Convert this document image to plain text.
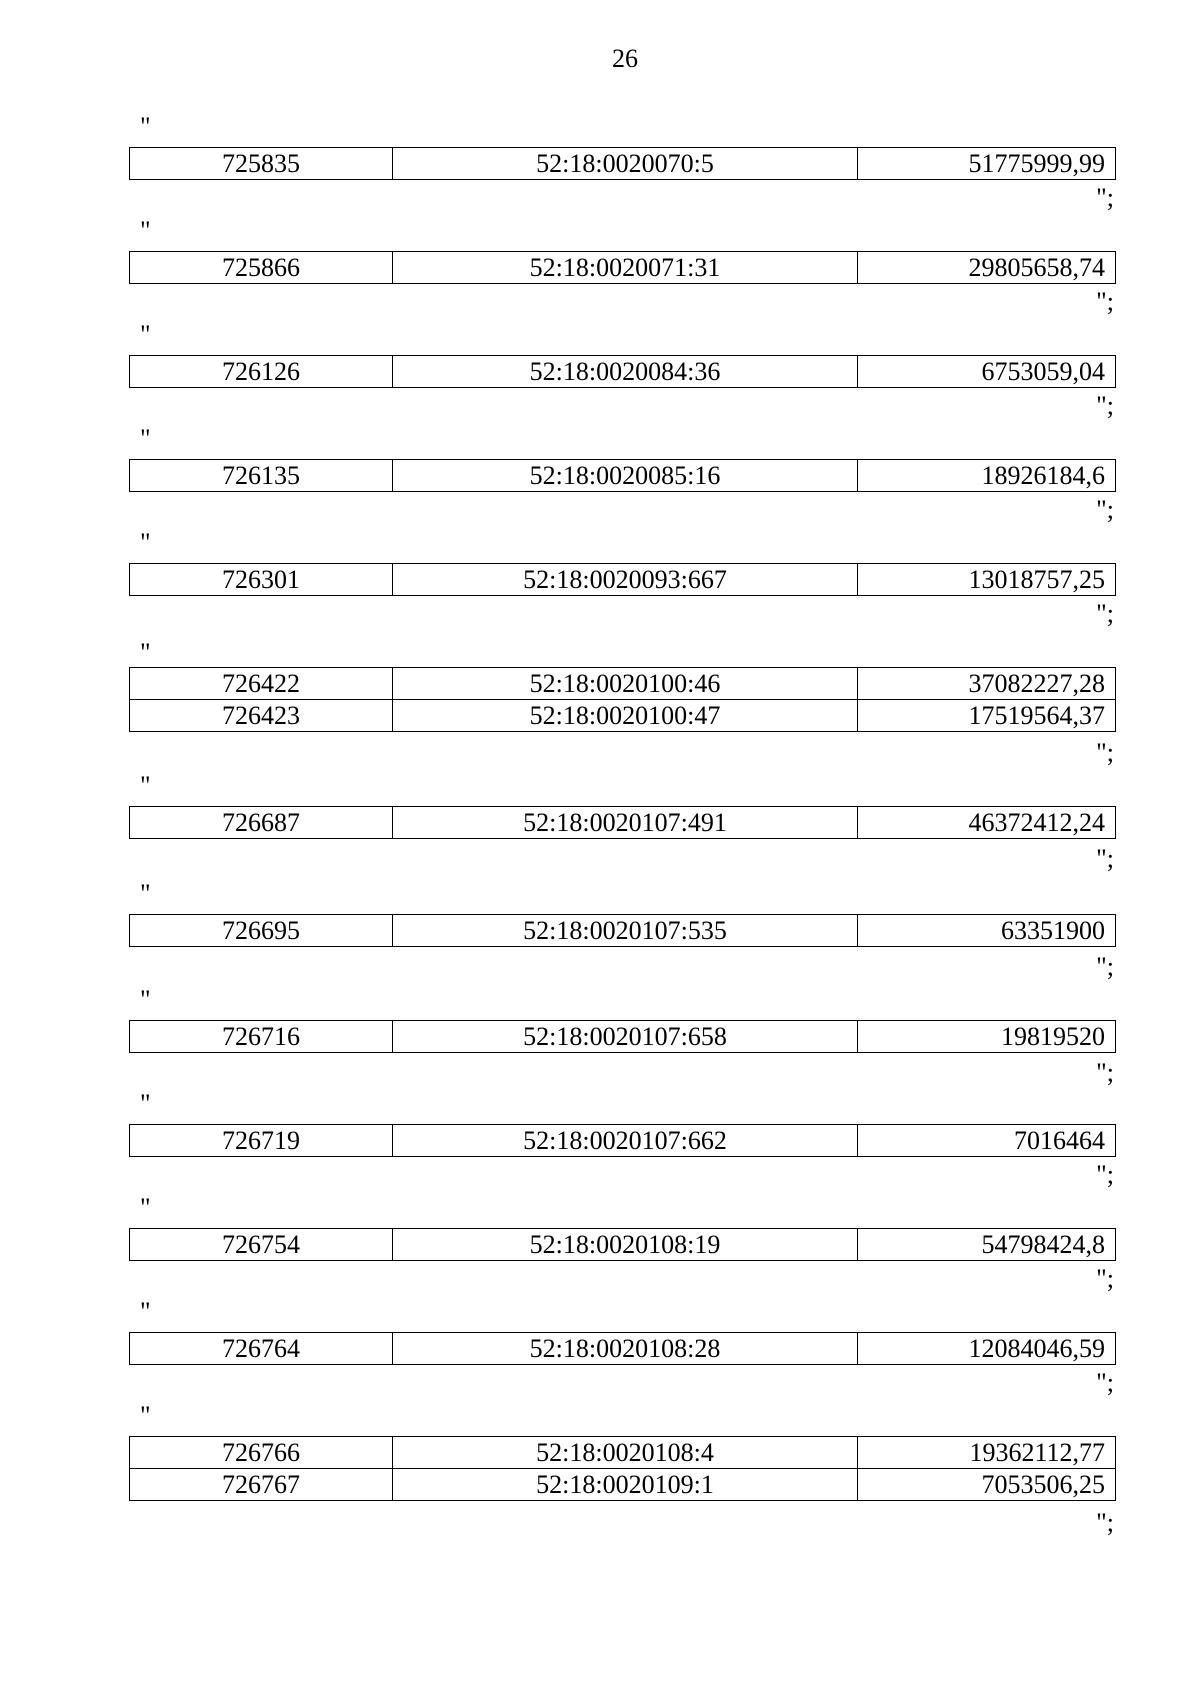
26
"
725835	52:18:0020070:5	51775999,99
";
"
725866	52:18:0020071:31	29805658,74
";
"
726126	52:18:0020084:36	6753059,04
";
"
726135	52:18:0020085:16	18926184,6
";
"
726301	52:18:0020093:667	13018757,25
";
"
726422	52:18:0020100:46	37082227,28
726423	52:18:0020100:47	17519564,37
";
"
726687	52:18:0020107:491	46372412,24
";
"
726695	52:18:0020107:535	63351900
";
"
726716	52:18:0020107:658	19819520
";
"
726719	52:18:0020107:662	7016464
";
"
726754	52:18:0020108:19	54798424,8
";
"
726764	52:18:0020108:28	12084046,59
";
"
726766	52:18:0020108:4	19362112,77
726767	52:18:0020109:1	7053506,25
";
